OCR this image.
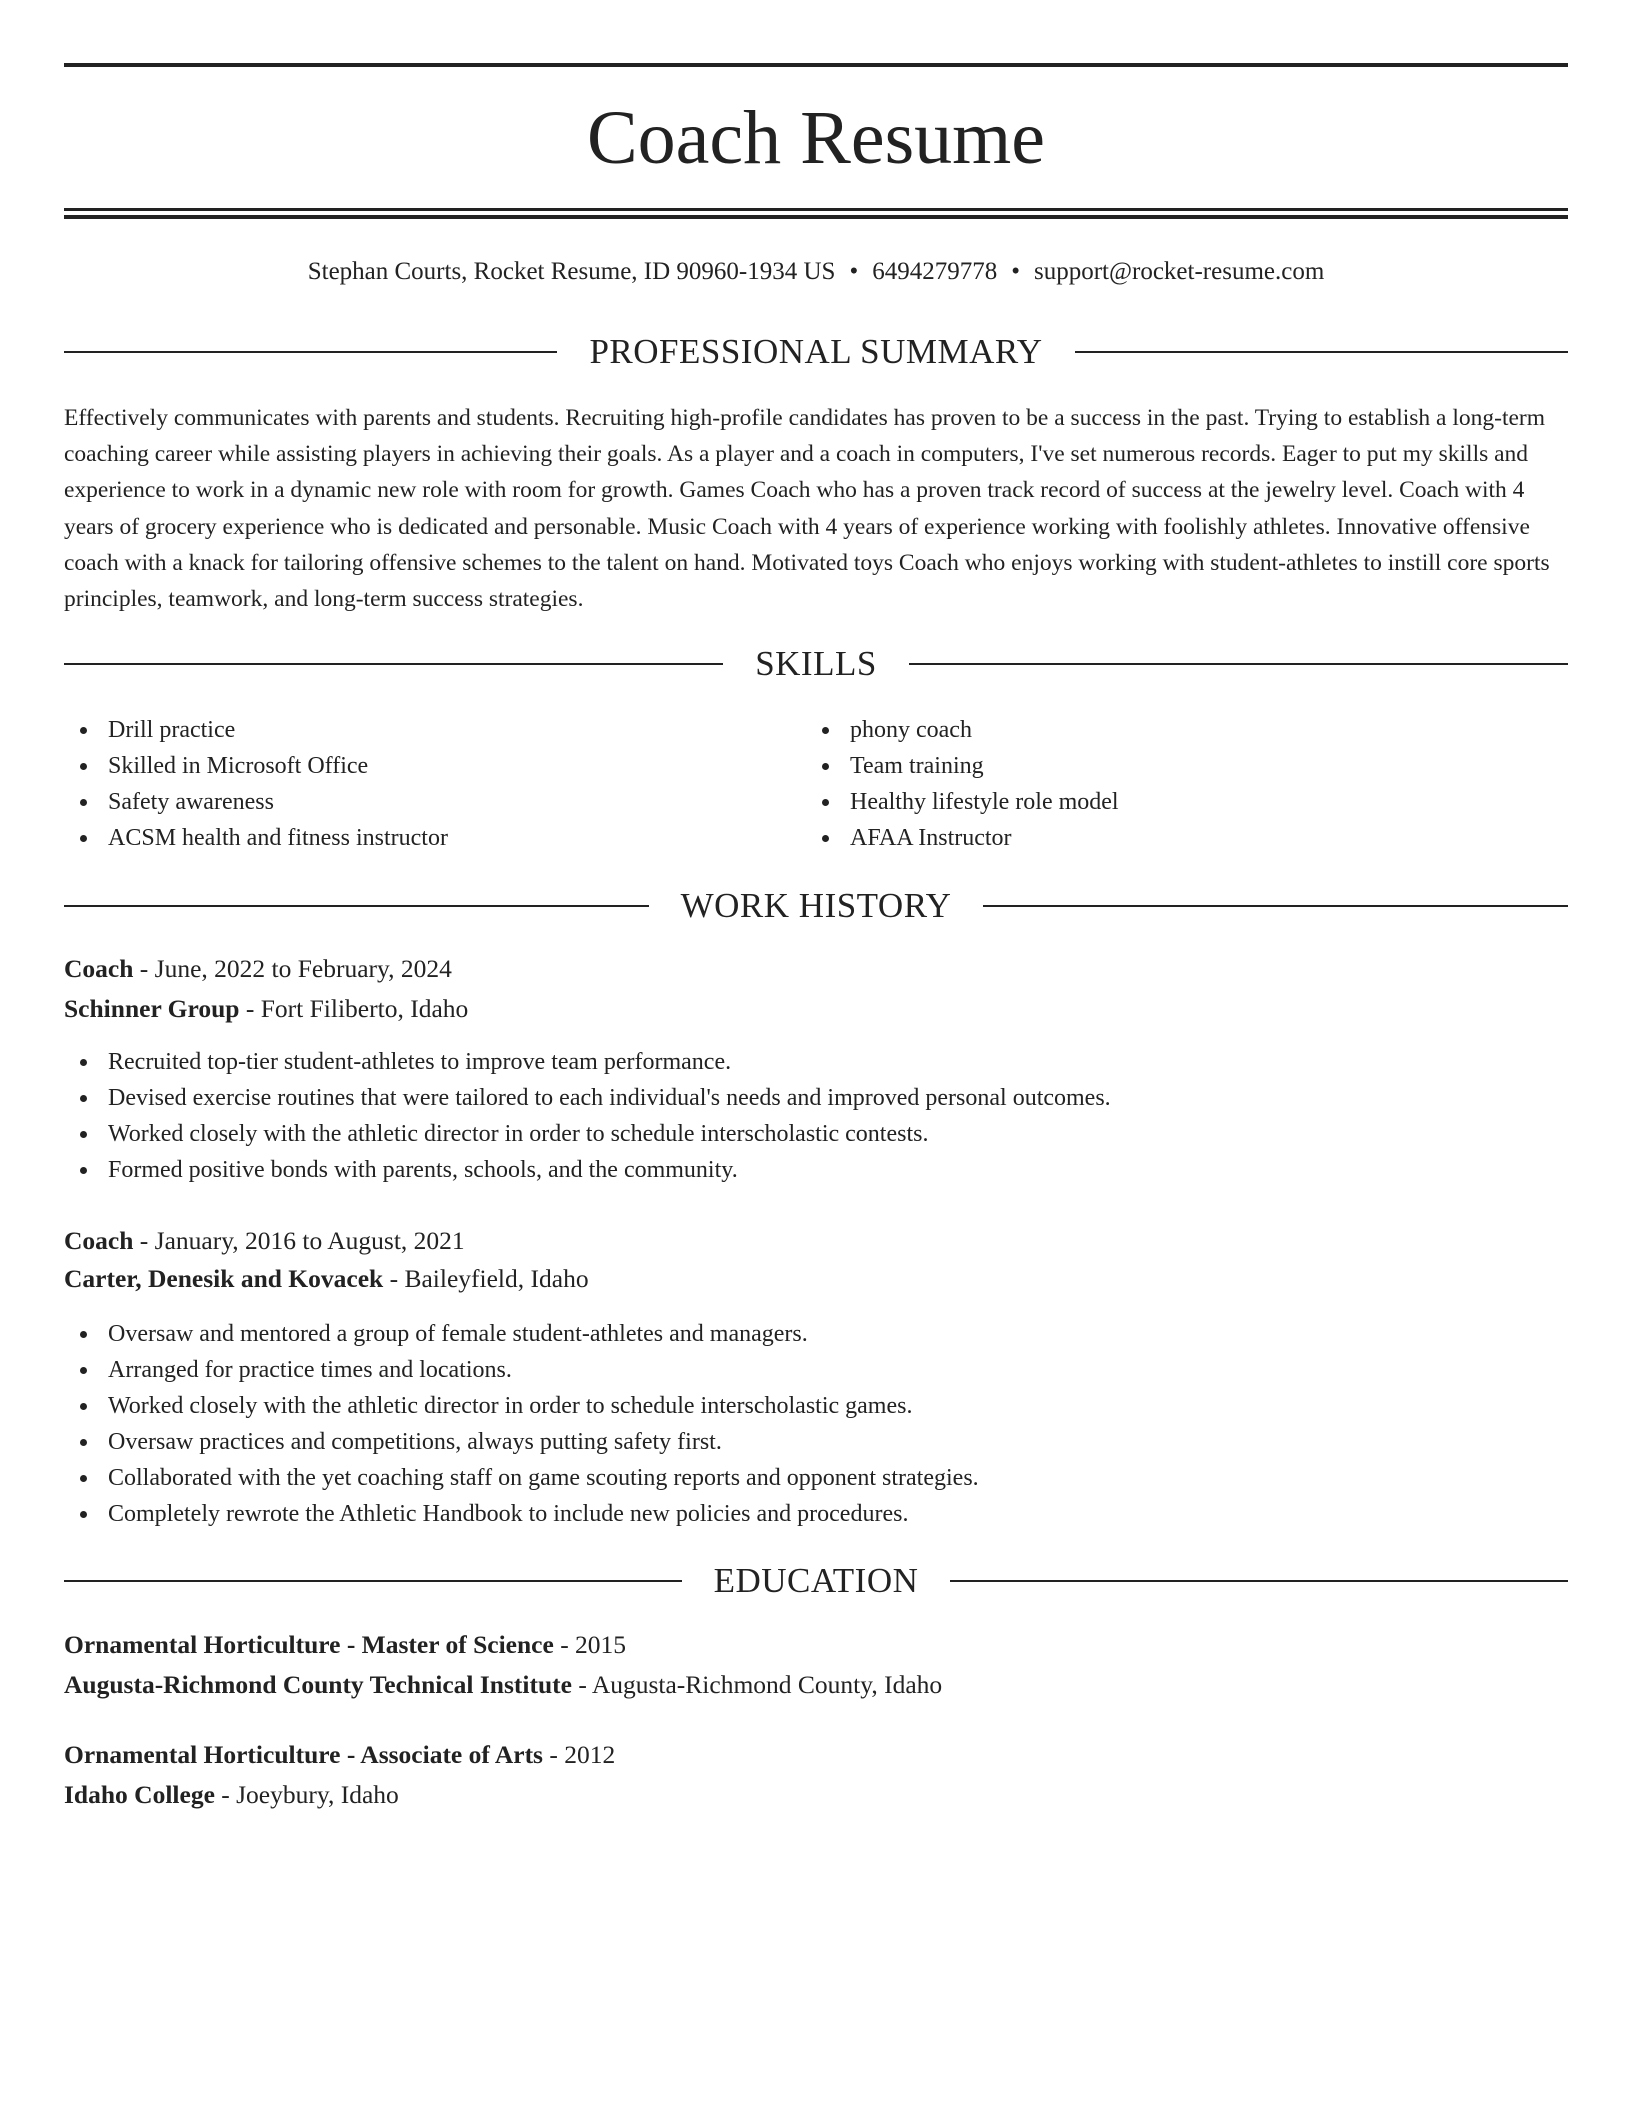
Coach Resume
Stephan Courts, Rocket Resume, ID 90960-1934 US • 6494279778 • support@rocket-resume.com
PROFESSIONAL SUMMARY

Effectively communicates with parents and students. Recruiting high-profile candidates has proven to be a success in the past. Trying to establish a long-term coaching career while assisting players in achieving their goals. As a player and a coach in computers, I've set numerous records. Eager to put my skills and experience to work in a dynamic new role with room for growth. Games Coach who has a proven track record of success at the jewelry level. Coach with 4 years of grocery experience who is dedicated and personable. Music Coach with 4 years of experience working with foolishly athletes. Innovative offensive coach with a knack for tailoring offensive schemes to the talent on hand. Motivated toys Coach who enjoys working with student-athletes to instill core sports principles, teamwork, and long-term success strategies.

SKILLS
Drill practice
Skilled in Microsoft Office
Safety awareness
ACSM health and fitness instructor
phony coach
Team training
Healthy lifestyle role model
AFAA Instructor
WORK HISTORY
Coach - June, 2022 to February, 2024
Schinner Group - Fort Filiberto, Idaho
Recruited top-tier student-athletes to improve team performance.
Devised exercise routines that were tailored to each individual's needs and improved personal outcomes.
Worked closely with the athletic director in order to schedule interscholastic contests.
Formed positive bonds with parents, schools, and the community.
Coach - January, 2016 to August, 2021
Carter, Denesik and Kovacek - Baileyfield, Idaho
Oversaw and mentored a group of female student-athletes and managers.
Arranged for practice times and locations.
Worked closely with the athletic director in order to schedule interscholastic games.
Oversaw practices and competitions, always putting safety first.
Collaborated with the yet coaching staff on game scouting reports and opponent strategies.
Completely rewrote the Athletic Handbook to include new policies and procedures.
EDUCATION
Ornamental Horticulture - Master of Science - 2015
Augusta-Richmond County Technical Institute - Augusta-Richmond County, Idaho
Ornamental Horticulture - Associate of Arts - 2012
Idaho College - Joeybury, Idaho
